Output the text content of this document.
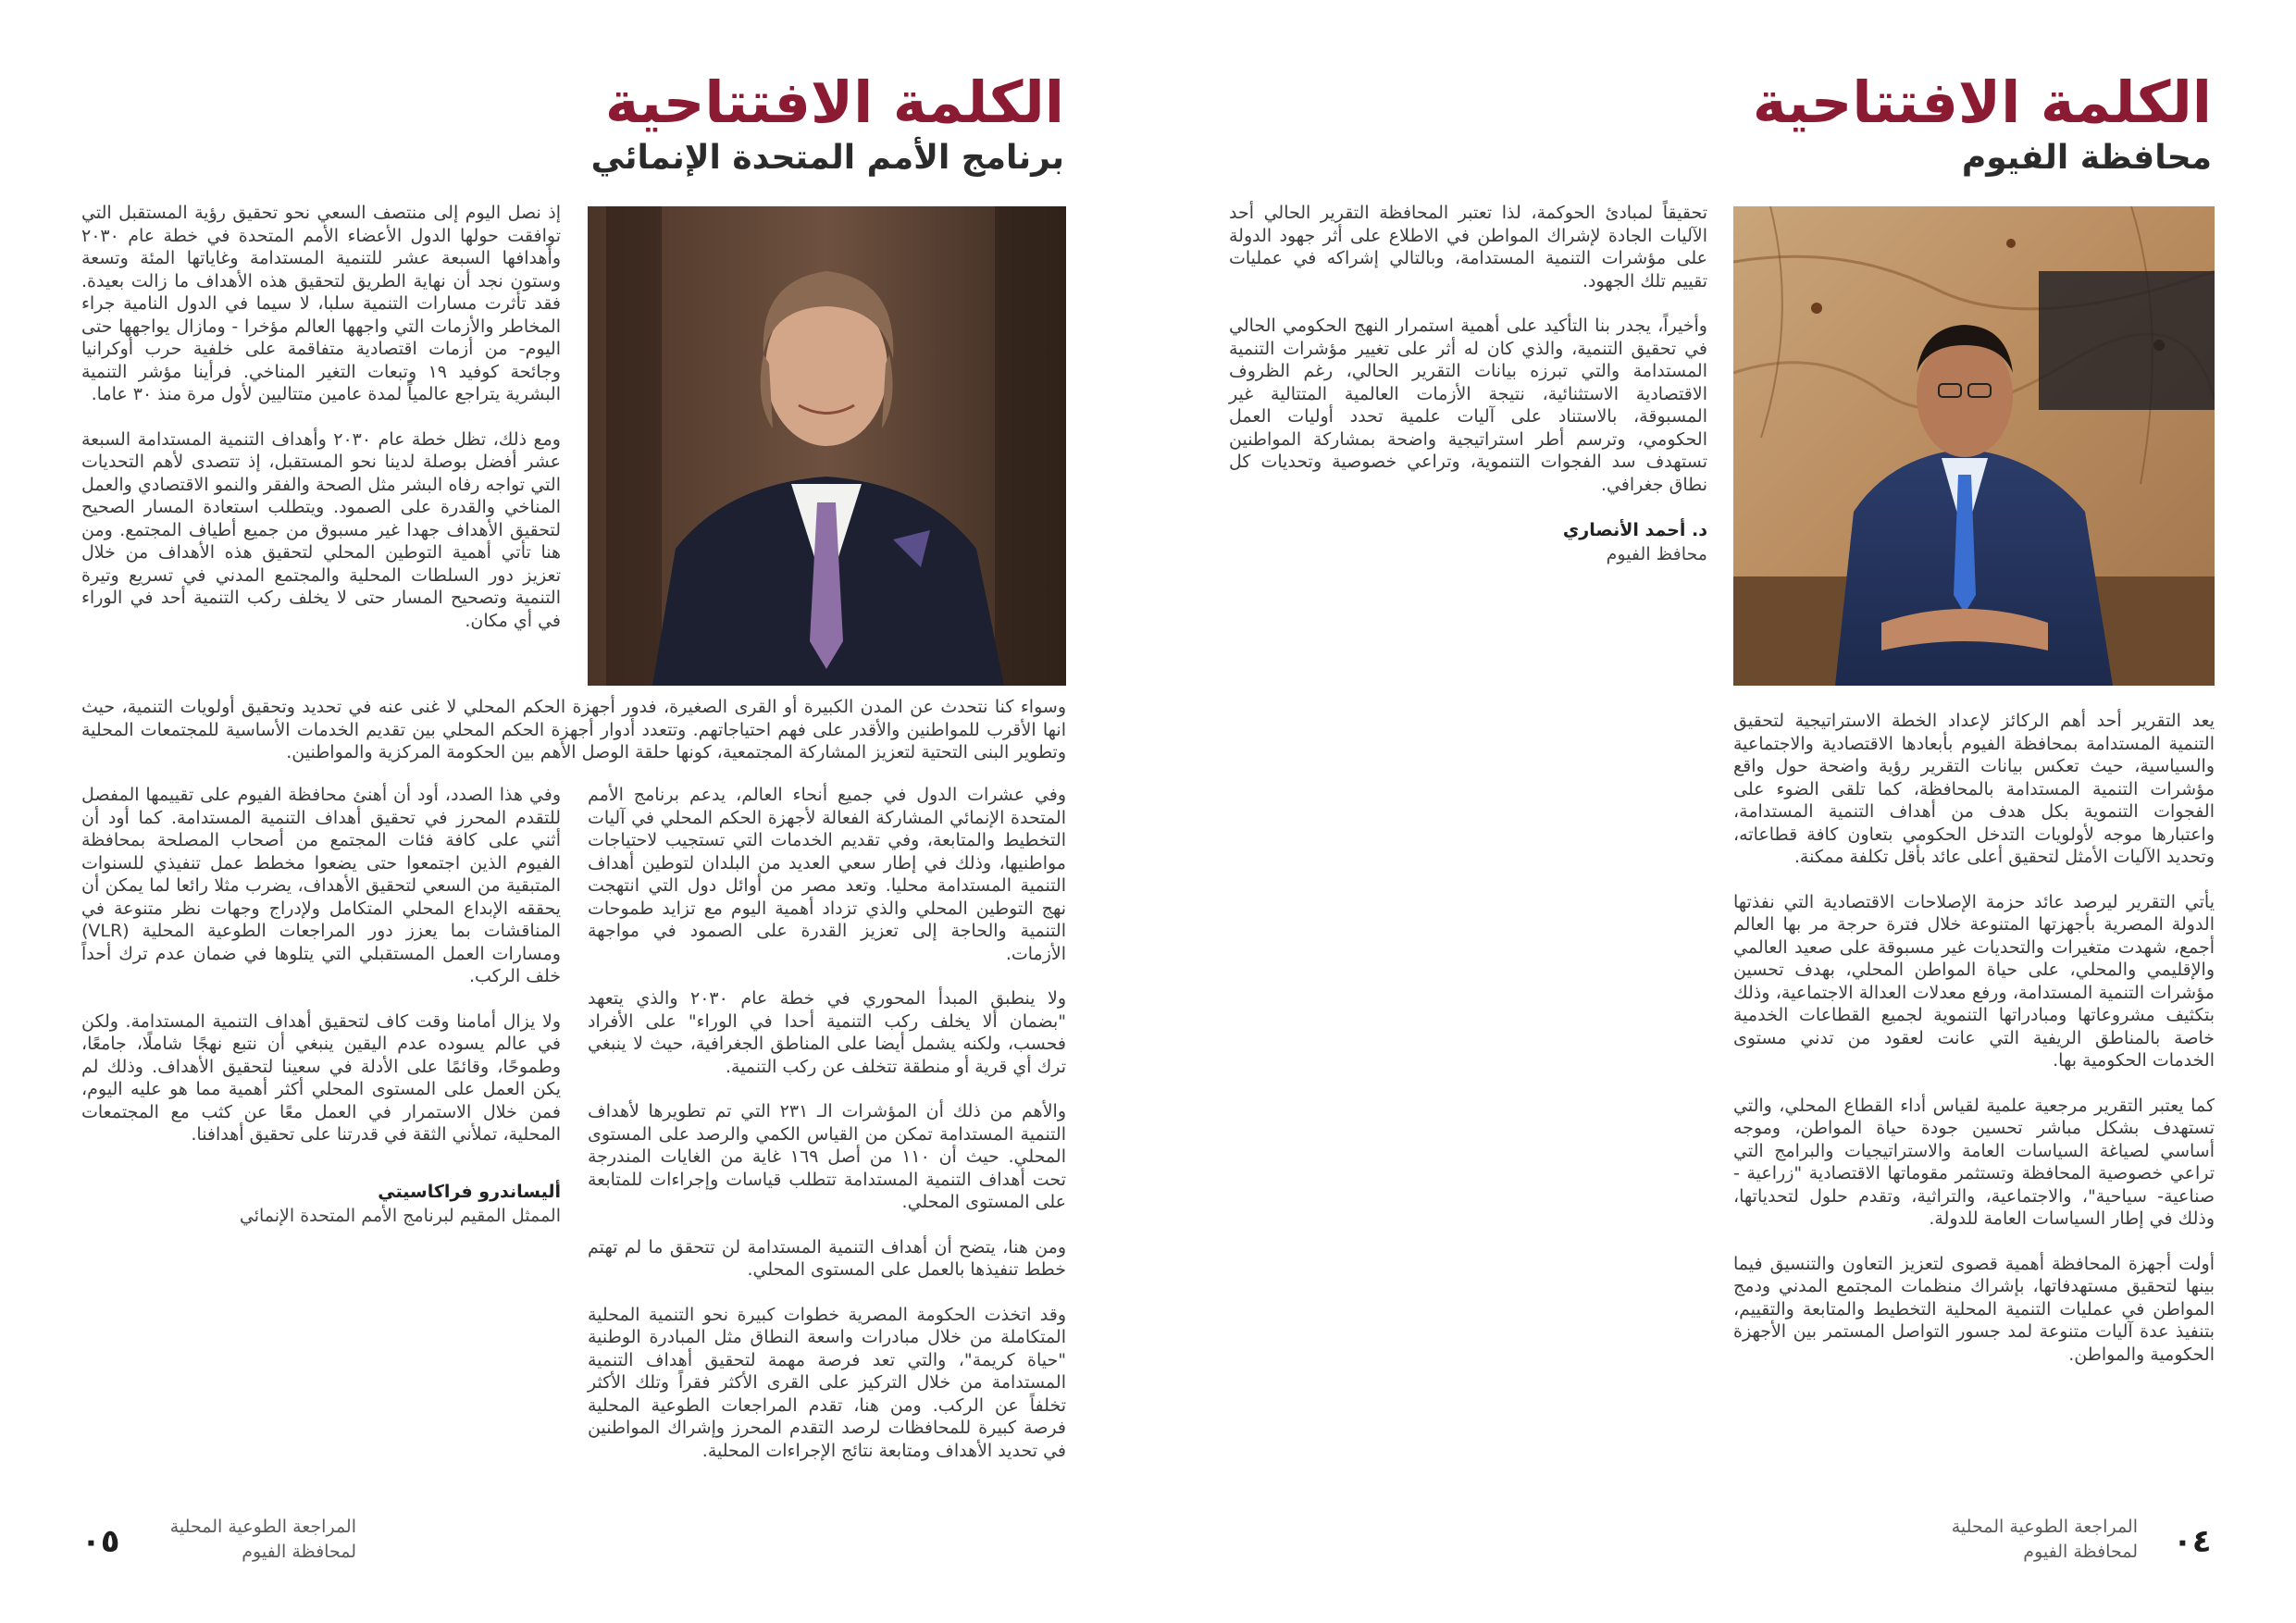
الكلمة الافتتاحية
محافظة الفيوم

تحقيقاً لمبادئ الحوكمة، لذا تعتبر المحافظة التقرير الحالي أحد الآليات الجادة لإشراك المواطن في الاطلاع على أثر جهود الدولة على مؤشرات التنمية المستدامة، وبالتالي إشراكه في عمليات تقييم تلك الجهود.

وأخيراً، يجدر بنا التأكيد على أهمية استمرار النهج الحكومي الحالي في تحقيق التنمية، والذي كان له أثر على تغيير مؤشرات التنمية المستدامة والتي تبرزه بيانات التقرير الحالي، رغم الظروف الاقتصادية الاستثنائية، نتيجة الأزمات العالمية المتتالية غير المسبوقة، بالاستناد على آليات علمية تحدد أوليات العمل الحكومي، وترسم أطر استراتيجية واضحة بمشاركة المواطنين تستهدف سد الفجوات التنموية، وتراعي خصوصية وتحديات كل نطاق جغرافي.

د. أحمد الأنصاري
محافظ الفيوم

يعد التقرير أحد أهم الركائز لإعداد الخطة الاستراتيجية لتحقيق التنمية المستدامة بمحافظة الفيوم بأبعادها الاقتصادية والاجتماعية والسياسية، حيث تعكس بيانات التقرير رؤية واضحة حول واقع مؤشرات التنمية المستدامة بالمحافظة، كما تلقى الضوء على الفجوات التنموية بكل هدف من أهداف التنمية المستدامة، واعتبارها موجه لأولويات التدخل الحكومي بتعاون كافة قطاعاته، وتحديد الآليات الأمثل لتحقيق أعلى عائد بأقل تكلفة ممكنة.

يأتي التقرير ليرصد عائد حزمة الإصلاحات الاقتصادية التي نفذتها الدولة المصرية بأجهزتها المتنوعة خلال فترة حرجة مر بها العالم أجمع، شهدت متغيرات والتحديات غير مسبوقة على صعيد العالمي والإقليمي والمحلي، على حياة المواطن المحلي، بهدف تحسين مؤشرات التنمية المستدامة، ورفع معدلات العدالة الاجتماعية، وذلك بتكثيف مشروعاتها ومبادراتها التنموية لجميع القطاعات الخدمية خاصة بالمناطق الريفية التي عانت لعقود من تدني مستوى الخدمات الحكومية بها.

كما يعتبر التقرير مرجعية علمية لقياس أداء القطاع المحلي، والتي تستهدف بشكل مباشر تحسين جودة حياة المواطن، وموجه أساسي لصياغة السياسات العامة والاستراتيجيات والبرامج التي تراعي خصوصية المحافظة وتستثمر مقوماتها الاقتصادية "زراعية - صناعية- سياحية"، والاجتماعية، والتراثية، وتقدم حلول لتحدياتها، وذلك في إطار السياسات العامة للدولة.

أولت أجهزة المحافظة أهمية قصوى لتعزيز التعاون والتنسيق فيما بينها لتحقيق مستهدفاتها، بإشراك منظمات المجتمع المدني ودمج المواطن في عمليات التنمية المحلية التخطيط والمتابعة والتقييم، بتنفيذ عدة آليات متنوعة لمد جسور التواصل المستمر بين الأجهزة الحكومية والمواطن.

٠٤
المراجعة الطوعية المحلية
لمحافظة الفيوم
الكلمة الافتتاحية
برنامج الأمم المتحدة الإنمائي

إذ نصل اليوم إلى منتصف السعي نحو تحقيق رؤية المستقبل التي توافقت حولها الدول الأعضاء الأمم المتحدة في خطة عام ٢٠٣٠ وأهدافها السبعة عشر للتنمية المستدامة وغاياتها المئة وتسعة وستون نجد أن نهاية الطريق لتحقيق هذه الأهداف ما زالت بعيدة. فقد تأثرت مسارات التنمية سلبا، لا سيما في الدول النامية جراء المخاطر والأزمات التي واجهها العالم مؤخرا - ومازال يواجهها حتى اليوم- من أزمات اقتصادية متفاقمة على خلفية حرب أوكرانيا وجائحة كوفيد ١٩ وتبعات التغير المناخي. فرأينا مؤشر التنمية البشرية يتراجع عالمياً لمدة عامين متتاليين لأول مرة منذ ٣٠ عاما.

ومع ذلك، تظل خطة عام ٢٠٣٠ وأهداف التنمية المستدامة السبعة عشر أفضل بوصلة لدينا نحو المستقبل، إذ تتصدى لأهم التحديات التي تواجه رفاه البشر مثل الصحة والفقر والنمو الاقتصادي والعمل المناخي والقدرة على الصمود. ويتطلب استعادة المسار الصحيح لتحقيق الأهداف جهدا غير مسبوق من جميع أطياف المجتمع. ومن هنا تأتي أهمية التوطين المحلي لتحقيق هذه الأهداف من خلال تعزيز دور السلطات المحلية والمجتمع المدني في تسريع وتيرة التنمية وتصحيح المسار حتى لا يخلف ركب التنمية أحد في الوراء في أي مكان.

وسواء كنا نتحدث عن المدن الكبيرة أو القرى الصغيرة، فدور أجهزة الحكم المحلي لا غنى عنه في تحديد وتحقيق أولويات التنمية، حيث انها الأقرب للمواطنين والأقدر على فهم احتياجاتهم. وتتعدد أدوار أجهزة الحكم المحلي بين تقديم الخدمات الأساسية للمجتمعات المحلية وتطوير البنى التحتية لتعزيز المشاركة المجتمعية، كونها حلقة الوصل الأهم بين الحكومة المركزية والمواطنين.

وفي عشرات الدول في جميع أنحاء العالم، يدعم برنامج الأمم المتحدة الإنمائي المشاركة الفعالة لأجهزة الحكم المحلي في آليات التخطيط والمتابعة، وفي تقديم الخدمات التي تستجيب لاحتياجات مواطنيها، وذلك في إطار سعي العديد من البلدان لتوطين أهداف التنمية المستدامة محليا. وتعد مصر من أوائل دول التي انتهجت نهج التوطين المحلي والذي تزداد أهمية اليوم مع تزايد طموحات التنمية والحاجة إلى تعزيز القدرة على الصمود في مواجهة الأزمات.

ولا ينطبق المبدأ المحوري في خطة عام ٢٠٣٠ والذي يتعهد "بضمان ألا يخلف ركب التنمية أحدا في الوراء" على الأفراد فحسب، ولكنه يشمل أيضا على المناطق الجغرافية، حيث لا ينبغي ترك أي قرية أو منطقة تتخلف عن ركب التنمية.

والأهم من ذلك أن المؤشرات الـ ٢٣١ التي تم تطويرها لأهداف التنمية المستدامة تمكن من القياس الكمي والرصد على المستوى المحلي. حيث أن ١١٠ من أصل ١٦٩ غاية من الغايات المندرجة تحت أهداف التنمية المستدامة تتطلب قياسات وإجراءات للمتابعة على المستوى المحلي.

ومن هنا، يتضح أن أهداف التنمية المستدامة لن تتحقق ما لم تهتم خطط تنفيذها بالعمل على المستوى المحلي.

وقد اتخذت الحكومة المصرية خطوات كبيرة نحو التنمية المحلية المتكاملة من خلال مبادرات واسعة النطاق مثل المبادرة الوطنية "حياة كريمة"، والتي تعد فرصة مهمة لتحقيق أهداف التنمية المستدامة من خلال التركيز على القرى الأكثر فقراً وتلك الأكثر تخلفاً عن الركب. ومن هنا، تقدم المراجعات الطوعية المحلية فرصة كبيرة للمحافظات لرصد التقدم المحرز وإشراك المواطنين في تحديد الأهداف ومتابعة نتائج الإجراءات المحلية.

وفي هذا الصدد، أود أن أهنئ محافظة الفيوم على تقييمها المفصل للتقدم المحرز في تحقيق أهداف التنمية المستدامة. كما أود أن أثني على كافة فئات المجتمع من أصحاب المصلحة بمحافظة الفيوم الذين اجتمعوا حتى يضعوا مخطط عمل تنفيذي للسنوات المتبقية من السعي لتحقيق الأهداف، يضرب مثلا رائعا لما يمكن أن يحققه الإبداع المحلي المتكامل ولإدراج وجهات نظر متنوعة في المناقشات بما يعزز دور المراجعات الطوعية المحلية (VLR) ومسارات العمل المستقبلي التي يتلوها في ضمان عدم ترك أحداً خلف الركب.

ولا يزال أمامنا وقت كاف لتحقيق أهداف التنمية المستدامة. ولكن في عالم يسوده عدم اليقين ينبغي أن نتبع نهجًا شاملًا، جامعًا، وطموحًا، وقائمًا على الأدلة في سعينا لتحقيق الأهداف. وذلك لم يكن العمل على المستوى المحلي أكثر أهمية مما هو عليه اليوم، فمن خلال الاستمرار في العمل معًا عن كثب مع المجتمعات المحلية، تملأني الثقة في قدرتنا على تحقيق أهدافنا.

أليساندرو فراكاسيتي
الممثل المقيم لبرنامج الأمم المتحدة الإنمائي
٠٥	المراجعة الطوعية المحلية
لمحافظة الفيوم
